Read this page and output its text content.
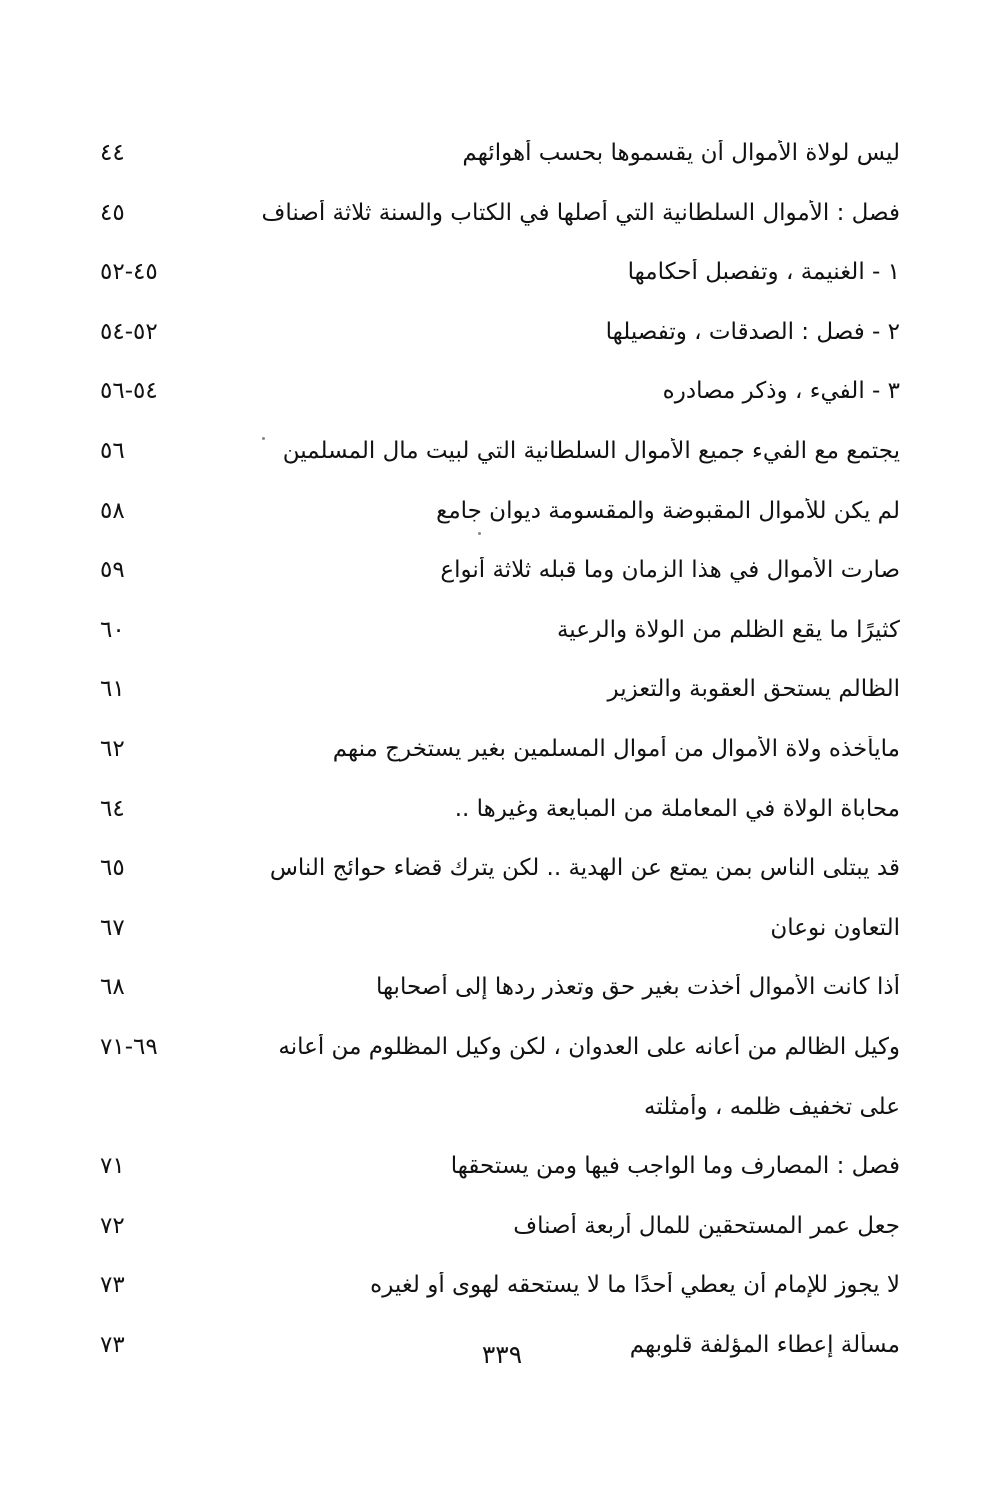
ليس لولاة الأموال أن يقسموها بحسب أهوائهم
٤٤
فصل : الأموال السلطانية التي أصلها في الكتاب والسنة ثلاثة أصناف
٤٥
١ - الغنيمة ، وتفصبل أحكامها
٤٥-٥٢
٢ - فصل : الصدقات ، وتفصيلها
٥٢-٥٤
٣ - الفيء ، وذكر مصادره
٥٤-٥٦
يجتمع مع الفيء جميع الأموال السلطانية التي لبيت مال المسلمين
٥٦
لم يكن للأموال المقبوضة والمقسومة ديوان جامع
٥٨
صارت الأموال في هذا الزمان وما قبله ثلاثة أنواع
٥٩
كثيرًا ما يقع الظلم من الولاة والرعية
٦٠
الظالم يستحق العقوبة والتعزير
٦١
مايأخذه ولاة الأموال من أموال المسلمين بغير يستخرج منهم
٦٢
محاباة الولاة في المعاملة من المبايعة وغيرها ..
٦٤
قد يبتلى الناس بمن يمتع عن الهدية .. لكن يترك قضاء حوائج الناس
٦٥
التعاون نوعان
٦٧
أذا كانت الأموال أخذت بغير حق وتعذر ردها إلى أصحابها
٦٨
وكيل الظالم من أعانه على العدوان ، لكن وكيل المظلوم من أعانه
٦٩-٧١
على تخفيف ظلمه ، وأمثلته
فصل : المصارف وما الواجب فيها ومن يستحقها
٧١
جعل عمر المستحقين للمال أربعة أصناف
٧٢
لا يجوز للإمام أن يعطي أحدًا ما لا يستحقه لهوى أو لغيره
٧٣
مسألة إعطاء المؤلفة قلوبهم
٧٣	٣٣٩
